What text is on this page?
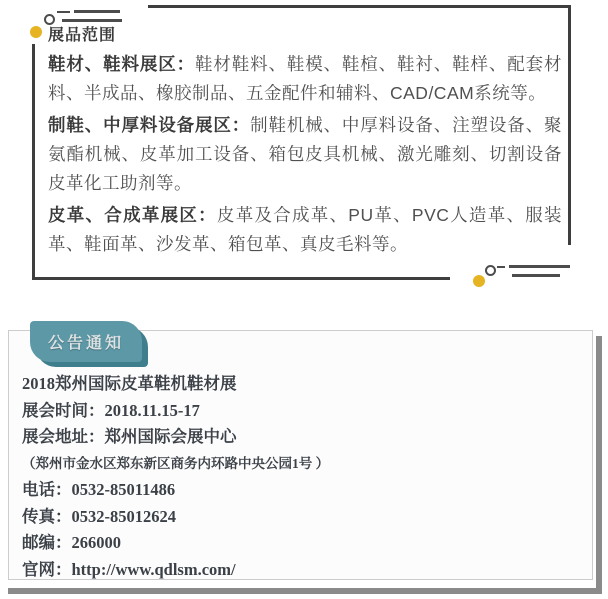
展品范围

鞋材、鞋料展区：鞋材鞋料、鞋模、鞋楦、鞋衬、鞋样、配套材料、半成品、橡胶制品、五金配件和辅料、CAD/CAM系统等。

制鞋、中厚料设备展区：制鞋机械、中厚料设备、注塑设备、聚氨酯机械、皮革加工设备、箱包皮具机械、激光雕刻、切割设备皮革化工助剂等。

皮革、合成革展区：皮革及合成革、PU革、PVC人造革、服装革、鞋面革、沙发革、箱包革、真皮毛料等。

公告通知
2018郑州国际皮革鞋机鞋材展
展会时间：2018.11.15-17
展会地址：郑州国际会展中心
（郑州市金水区郑东新区商务内环路中央公园1号 ）
电话：0532-85011486
传真：0532-85012624
邮编：266000
官网：http://www.qdlsm.com/
